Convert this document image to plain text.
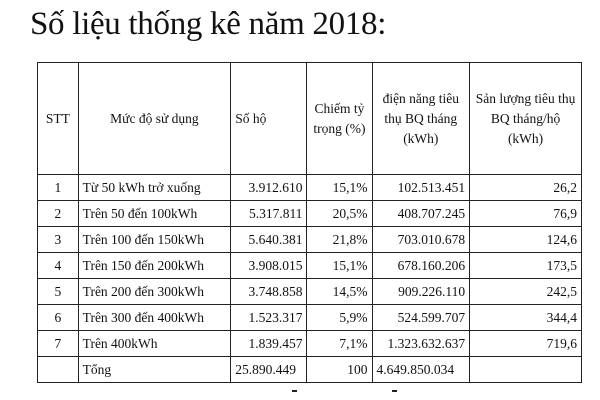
Số liệu thống kê năm 2018:
STT	Mức độ sử dụng	Số hộ	Chiếm tỷ trọng (%)	điện năng tiêu thụ BQ tháng (kWh)	Sản lượng tiêu thụ BQ tháng/hộ (kWh)
1	Từ 50 kWh trở xuống	3.912.610	15,1%	102.513.451	26,2
2	Trên 50 đến 100kWh	5.317.811	20,5%	408.707.245	76,9
3	Trên 100 đến 150kWh	5.640.381	21,8%	703.010.678	124,6
4	Trên 150 đến 200kWh	3.908.015	15,1%	678.160.206	173,5
5	Trên 200 đến 300kWh	3.748.858	14,5%	909.226.110	242,5
6	Trên 300 đến 400kWh	1.523.317	5,9%	524.599.707	344,4
7	Trên 400kWh	1.839.457	7,1%	1.323.632.637	719,6
	Tổng	25.890.449	100	4.649.850.034	
